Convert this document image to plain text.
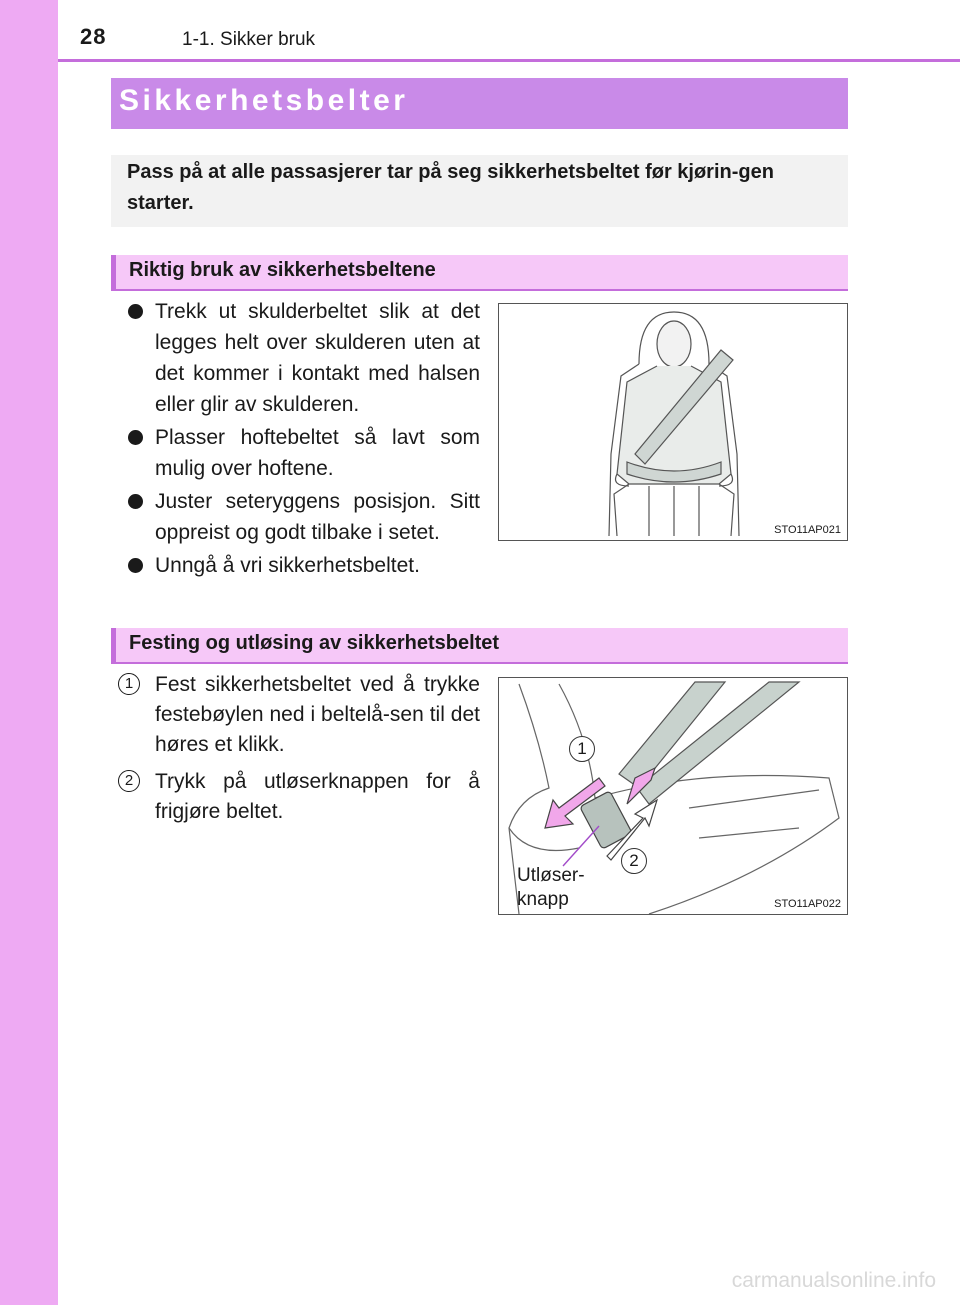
28	1-1. Sikker bruk
Sikkerhetsbelter

Pass på at alle passasjerer tar på seg sikkerhetsbeltet før kjørin-gen starter.

Riktig bruk av sikkerhetsbeltene
Trekk ut skulderbeltet slik at det legges helt over skulderen uten at det kommer i kontakt med halsen eller glir av skulderen.
Plasser hoftebeltet så lavt som mulig over hoftene.
Juster seteryggens posisjon. Sitt oppreist og godt tilbake i setet.
Unngå å vri sikkerhetsbeltet.
STO11AP021
Festing og utløsing av sikkerhetsbeltet
1	Fest sikkerhetsbeltet ved å trykke festebøylen ned i beltelå-sen til det høres et klikk.
2	Trykk på utløserknappen for å frigjøre beltet.
1
2
Utløser-
knapp	STO11AP022
carmanualsonline.info
